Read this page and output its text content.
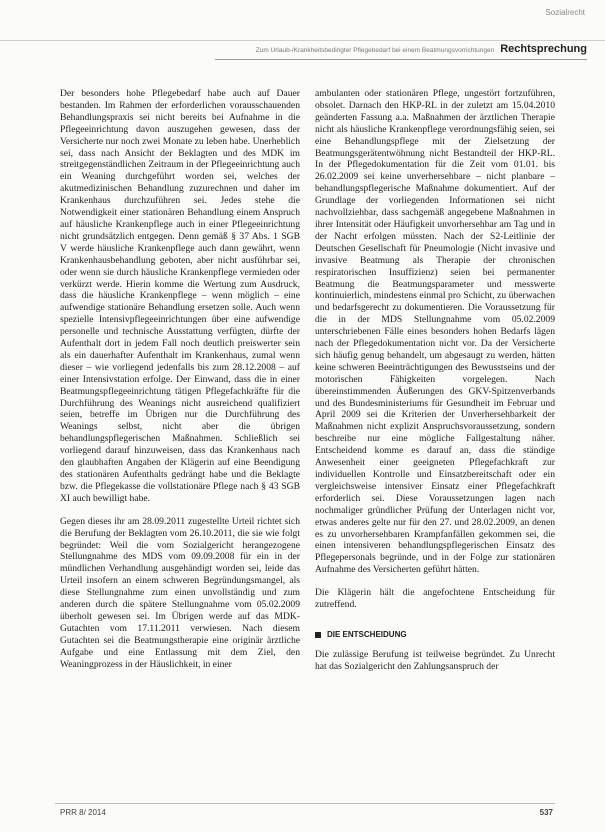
Sozialrecht
Zum Urlaub-/Krankheitsbedingter Pflegebedarf bei einem Beatmungsvorrichtungen Rechtsprechung

Der besonders hohe Pflegebedarf habe auch auf Dauer bestanden. Im Rahmen der erforderlichen vorausschauenden Behandlungspraxis sei nicht bereits bei Aufnahme in die Pflegeeinrichtung davon auszugehen gewesen, dass der Versicherte nur noch zwei Monate zu leben habe. Unerheblich sei, dass nach Ansicht der Beklagten und des MDK im streitgegenständlichen Zeitraum in der Pflegeeinrichtung auch ein Weaning durchgeführt worden sei, welches der akutmedizinischen Behandlung zuzurechnen und daher im Krankenhaus durchzuführen sei. Jedes stehe die Notwendigkeit einer stationären Behandlung einem Anspruch auf häusliche Krankenpflege auch in einer Pflegeeinrichtung nicht grundsätzlich entgegen. Denn gemäß § 37 Abs. 1 SGB V werde häusliche Krankenpflege auch dann gewährt, wenn Krankenhausbehandlung geboten, aber nicht ausführbar sei, oder wenn sie durch häusliche Krankenpflege vermieden oder verkürzt werde. Hierin komme die Wertung zum Ausdruck, dass die häusliche Krankenpflege – wenn möglich – eine aufwendige stationäre Behandlung ersetzen solle. Auch wenn spezielle Intensivpflegeeinrichtungen über eine aufwendige personelle und technische Ausstattung verfügten, dürfte der Aufenthalt dort in jedem Fall noch deutlich preiswerter sein als ein dauerhafter Aufenthalt im Krankenhaus, zumal wenn dieser – wie vorliegend jedenfalls bis zum 28.12.2008 – auf einer Intensivstation erfolge. Der Einwand, dass die in einer Beatmungspflegeeinrichtung tätigen Pflegefachkräfte für die Durchführung des Weanings nicht ausreichend qualifiziert seien, betreffe im Übrigen nur die Durchführung des Weanings selbst, nicht aber die übrigen behandlungspflegerischen Maßnahmen. Schließlich sei vorliegend darauf hinzuweisen, dass das Krankenhaus nach den glaubhaften Angaben der Klägerin auf eine Beendigung des stationären Aufenthalts gedrängt habe und die Beklagte bzw. die Pflegekasse die vollstationäre Pflege nach § 43 SGB XI auch bewilligt habe.

Gegen dieses ihr am 28.09.2011 zugestellte Urteil richtet sich die Berufung der Beklagten vom 26.10.2011, die sie wie folgt begründet: Weil die vom Sozialgericht herangezogene Stellungnahme des MDS vom 09.09.2008 für ein in der mündlichen Verhandlung ausgehändigt worden sei, leide das Urteil insofern an einem schweren Begründungsmangel, als diese Stellungnahme zum einen unvollständig und zum anderen durch die spätere Stellungnahme vom 05.02.2009 überholt gewesen sei. Im Übrigen werde auf das MDK-Gutachten vom 17.11.2011 verwiesen. Nach diesem Gutachten sei die Beatmungstherapie eine originär ärztliche Aufgabe und eine Entlassung mit dem Ziel, den Weaningprozess in der Häuslichkeit, in einer

ambulanten oder stationären Pflege, ungestört fortzuführen, obsolet. Darnach den HKP-RL in der zuletzt am 15.04.2010 geänderten Fassung a.a. Maßnahmen der ärztlichen Therapie nicht als häusliche Krankenpflege verordnungsfähig seien, sei eine Behandlungspflege mit der Zielsetzung der Beatmungsgerätentwöhnung nicht Bestandteil der HKP-RL. In der Pflegedokumentation für die Zeit vom 01.01. bis 26.02.2009 sei keine unverhersehbare – nicht planbare – behandlungspflegerische Maßnahme dokumentiert. Auf der Grundlage der vorliegenden Informationen sei nicht nachvollziehbar, dass sachgemäß angegebene Maßnahmen in ihrer Intensität oder Häufigkeit unvorhersehbar am Tag und in der Nacht erfolgen müssten. Nach der S2-Leitlinie der Deutschen Gesellschaft für Pneumologie (Nicht invasive und invasive Beatmung als Therapie der chronischen respiratorischen Insuffizienz) seien bei permanenter Beatmung die Beatmungsparameter und messwerte kontinuierlich, mindestens einmal pro Schicht, zu überwachen und bedarfsgerecht zu dokumentieren. Die Voraussetzung für die in der MDS Stellungnahme vom 05.02.2009 unterschriebenen Fälle eines besonders hohen Bedarfs lägen nach der Pflegedokumentation nicht vor. Da der Versicherte sich häufig genug behandelt, um abgesaugt zu werden, hätten keine schweren Beeinträchtigungen des Bewusstseins und der motorischen Fähigkeiten vorgelegen. Nach übereinstimmenden Äußerungen des GKV-Spitzenverbands und des Bundesministeriums für Gesundheit im Februar und April 2009 sei die Kriterien der Unverhersehbarkeit der Maßnahmen nicht explizit Anspruchsvoraussetzung, sondern beschreibe nur eine mögliche Fallgestaltung näher. Entscheidend komme es darauf an, dass die ständige Anwesenheit einer geeigneten Pflegefachkraft zur individuellen Kontrolle und Einsatzbereitschaft oder ein vergleichsweise intensiver Einsatz einer Pflegefachkraft erforderlich sei. Diese Voraussetzungen lagen nach nochmaliger gründlicher Prüfung der Unterlagen nicht vor, etwas anderes gelte nur für den 27. und 28.02.2009, an denen es zu unvorhersehbaren Krampfanfällen gekommen sei, die einen intensiveren behandlungspflegerischen Einsatz des Pflegepersonals begründe, und in der Folge zur stationären Aufnahme des Versicherten geführt hätten.

Die Klägerin hält die angefochtene Entscheidung für zutreffend.

DIE ENTSCHEIDUNG

Die zulässige Berufung ist teilweise begründet. Zu Unrecht hat das Sozialgericht den Zahlungsanspruch der

PRR 8/ 2014	537
